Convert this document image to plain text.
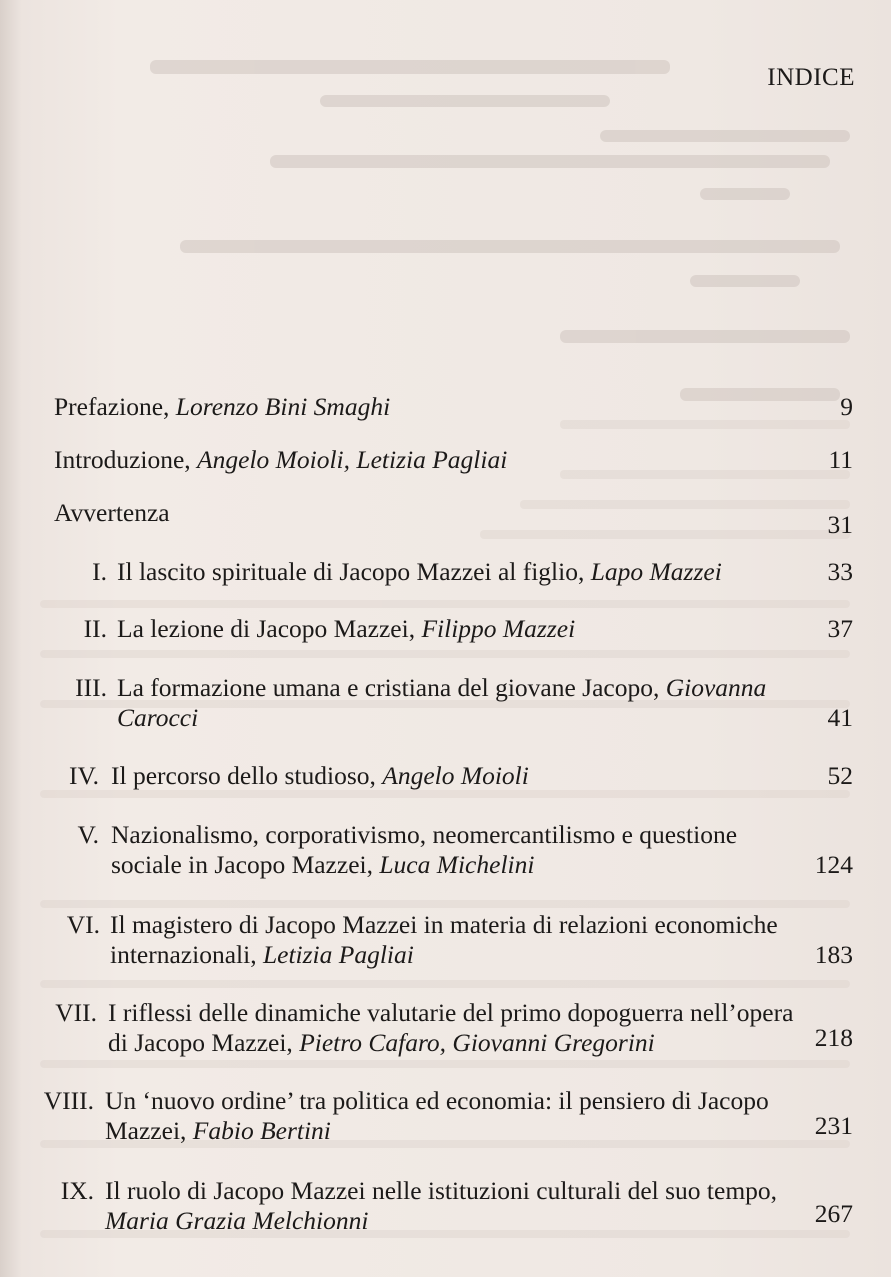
INDICE
Prefazione, Lorenzo Bini Smaghi	9
Introduzione, Angelo Moioli, Letizia Pagliai	11
Avvertenza	31
I. Il lascito spirituale di Jacopo Mazzei al figlio, Lapo Mazzei	33
II. La lezione di Jacopo Mazzei, Filippo Mazzei	37
III. La formazione umana e cristiana del giovane Jacopo, Giovanna Carocci	41
IV. Il percorso dello studioso, Angelo Moioli	52
V. Nazionalismo, corporativismo, neomercantilismo e questione sociale in Jacopo Mazzei, Luca Michelini	124
VI. Il magistero di Jacopo Mazzei in materia di relazioni economiche internazionali, Letizia Pagliai	183
VII. I riflessi delle dinamiche valutarie del primo dopoguerra nell’opera di Jacopo Mazzei, Pietro Cafaro, Giovanni Gregorini	218
VIII. Un ‘nuovo ordine’ tra politica ed economia: il pensiero di Jacopo Mazzei, Fabio Bertini	231
IX. Il ruolo di Jacopo Mazzei nelle istituzioni culturali del suo tempo, Maria Grazia Melchionni	267
